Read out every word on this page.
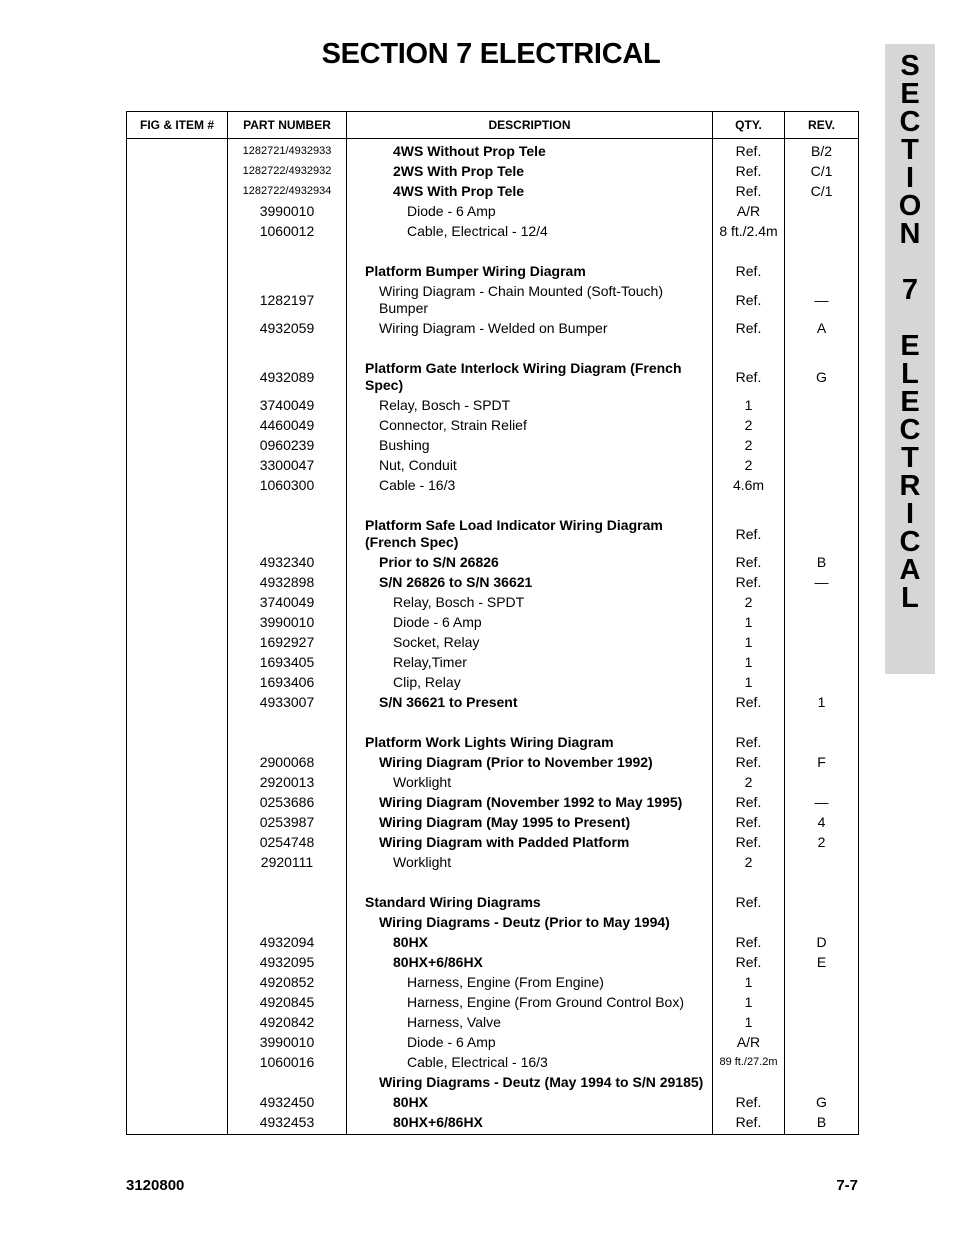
SECTION 7 ELECTRICAL	S
E
C
T
I
O
N
7
E
L
E
C
T
R
I
C
A
L
FIG & ITEM #	PART NUMBER	DESCRIPTION	QTY.	REV.
	1282721/4932933	4WS Without Prop Tele	Ref.	B/2
	1282722/4932932	2WS With Prop Tele	Ref.	C/1
	1282722/4932934	4WS With Prop Tele	Ref.	C/1
	3990010	Diode - 6 Amp	A/R	
	1060012	Cable, Electrical - 12/4	8 ft./2.4m	

		Platform Bumper Wiring Diagram	Ref.	
	1282197	Wiring Diagram - Chain Mounted (Soft-Touch) Bumper	Ref.	—
	4932059	Wiring Diagram - Welded on Bumper	Ref.	A

	4932089	Platform Gate Interlock Wiring Diagram (French Spec)	Ref.	G
	3740049	Relay, Bosch - SPDT	1	
	4460049	Connector, Strain Relief	2	
	0960239	Bushing	2	
	3300047	Nut, Conduit	2	
	1060300	Cable - 16/3	4.6m	

		Platform Safe Load Indicator Wiring Diagram (French Spec)	Ref.	
	4932340	Prior to S/N 26826	Ref.	B
	4932898	S/N 26826 to S/N 36621	Ref.	—
	3740049	Relay, Bosch - SPDT	2	
	3990010	Diode - 6 Amp	1	
	1692927	Socket, Relay	1	
	1693405	Relay,Timer	1	
	1693406	Clip, Relay	1	
	4933007	S/N 36621 to Present	Ref.	1

		Platform Work Lights Wiring Diagram	Ref.	
	2900068	Wiring Diagram (Prior to November 1992)	Ref.	F
	2920013	Worklight	2	
	0253686	Wiring Diagram (November 1992 to May 1995)	Ref.	—
	0253987	Wiring Diagram (May 1995 to Present)	Ref.	4
	0254748	Wiring Diagram with Padded Platform	Ref.	2
	2920111	Worklight	2	

		Standard Wiring Diagrams	Ref.	
		Wiring Diagrams - Deutz (Prior to May 1994)		
	4932094	80HX	Ref.	D
	4932095	80HX+6/86HX	Ref.	E
	4920852	Harness, Engine (From Engine)	1	
	4920845	Harness, Engine (From Ground Control Box)	1	
	4920842	Harness, Valve	1	
	3990010	Diode - 6 Amp	A/R	
	1060016	Cable, Electrical - 16/3	89 ft./27.2m	
		Wiring Diagrams - Deutz (May 1994 to S/N 29185)		
	4932450	80HX	Ref.	G
	4932453	80HX+6/86HX	Ref.	B
3120800	7-7
